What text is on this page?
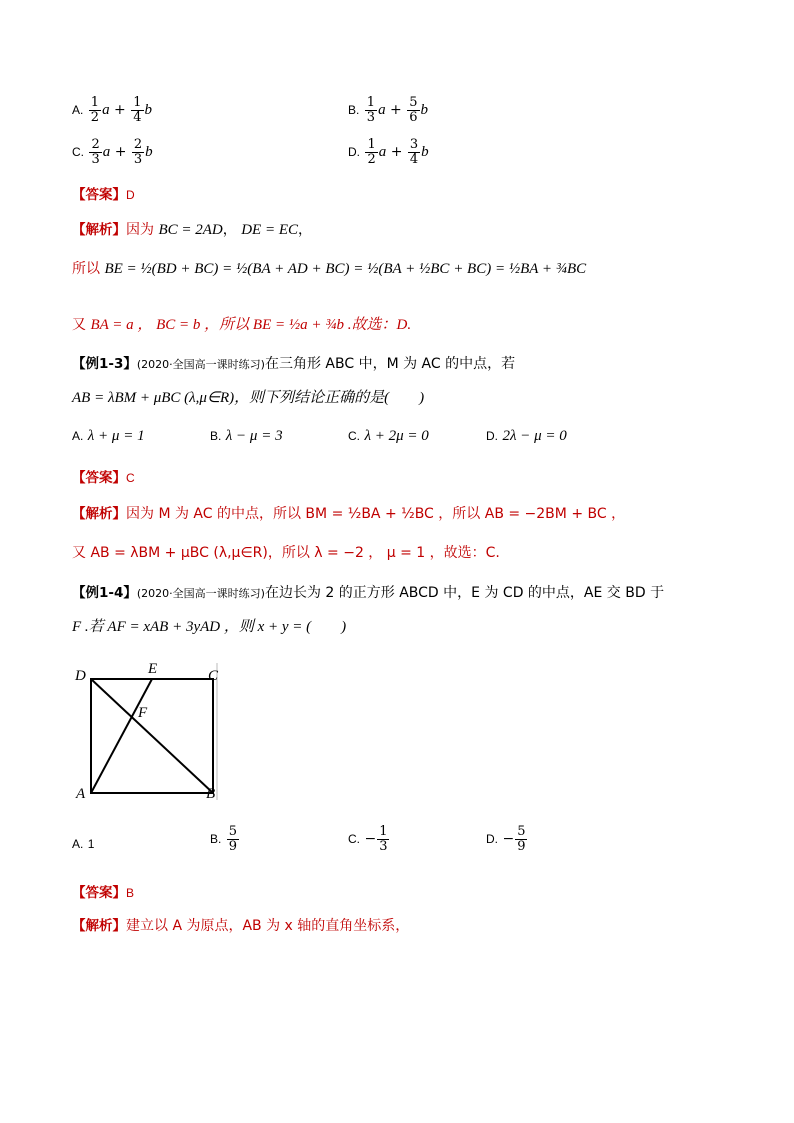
A. $\frac{1}{2}$ $a + \frac{1}{4}$ b	B. $\frac{1}{3}$ $a + \frac{5}{6}$ b
C. $\frac{2}{3}$ $a + \frac{2}{3}$ b	D. $\frac{1}{2}$ $a + \frac{3}{4}$ b
【答案】D
【解析】因为 BC = 2AD， DE = EC，
所以 BE = ½(BD + BC) = ½(BA + AD + BC) = ½(BA + ½BC + BC) = ½BA + ¾BC
又 BA = a ， BC = b ，所以 BE = ½a + ¾b .故选：D.
【例1-3】(2020·全国高一课时练习)在三角形 ABC 中，M 为 AC 的中点，若
AB = λBM + μBC (λ,μ∈R)，则下列结论正确的是(　　)
A. λ + μ = 1	B. λ − μ = 3	C. λ + 2μ = 0	D. 2λ − μ = 0
【答案】C
【解析】因为 M 为 AC 的中点，所以 BM = ½BA + ½BC ，所以 AB = −2BM + BC ，
又 AB = λBM + μBC (λ,μ∈R)，所以 λ = −2 ， μ = 1 ，故选：C.
【例1-4】(2020·全国高一课时练习)在边长为 2 的正方形 ABCD 中，E 为 CD 的中点，AE 交 BD 于
F .若 AF = xAB + 3yAD ，则 x + y = (　　)
D	E	C
F
A	B
A. 1	B. $\frac{5}{9}$	C. − $\frac{1}{3}$	D. − $\frac{5}{9}$
【答案】B
【解析】建立以 A 为原点，AB 为 x 轴的直角坐标系，
